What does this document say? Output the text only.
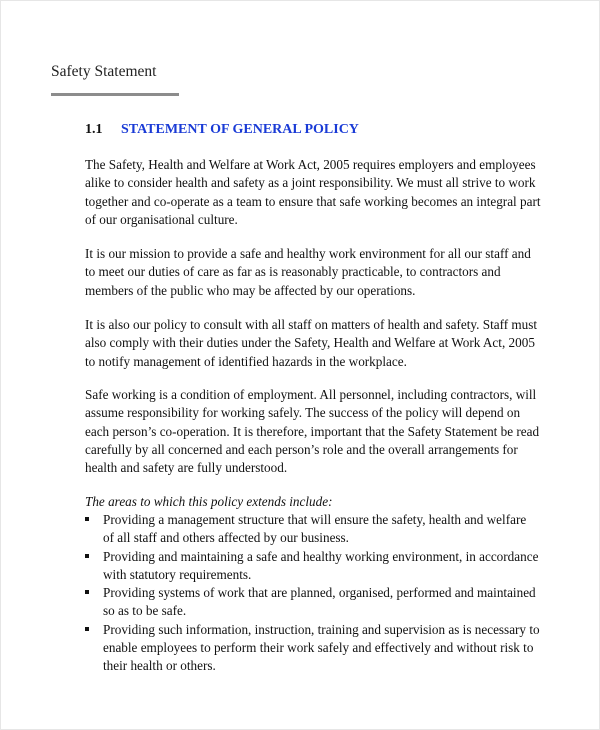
Safety Statement
1.1 STATEMENT OF GENERAL POLICY

The Safety, Health and Welfare at Work Act, 2005 requires employers and employees
alike to consider health and safety as a joint responsibility. We must all strive to work
together and co-operate as a team to ensure that safe working becomes an integral part
of our organisational culture.

It is our mission to provide a safe and healthy work environment for all our staff and
to meet our duties of care as far as is reasonably practicable, to contractors and
members of the public who may be affected by our operations.

It is also our policy to consult with all staff on matters of health and safety. Staff must
also comply with their duties under the Safety, Health and Welfare at Work Act, 2005
to notify management of identified hazards in the workplace.

Safe working is a condition of employment. All personnel, including contractors, will
assume responsibility for working safely. The success of the policy will depend on
each person’s co-operation. It is therefore, important that the Safety Statement be read
carefully by all concerned and each person’s role and the overall arrangements for
health and safety are fully understood.

The areas to which this policy extends include:
Providing a management structure that will ensure the safety, health and welfare
of all staff and others affected by our business.
Providing and maintaining a safe and healthy working environment, in accordance
with statutory requirements.
Providing systems of work that are planned, organised, performed and maintained
so as to be safe.
Providing such information, instruction, training and supervision as is necessary to
enable employees to perform their work safely and effectively and without risk to
their health or others.
